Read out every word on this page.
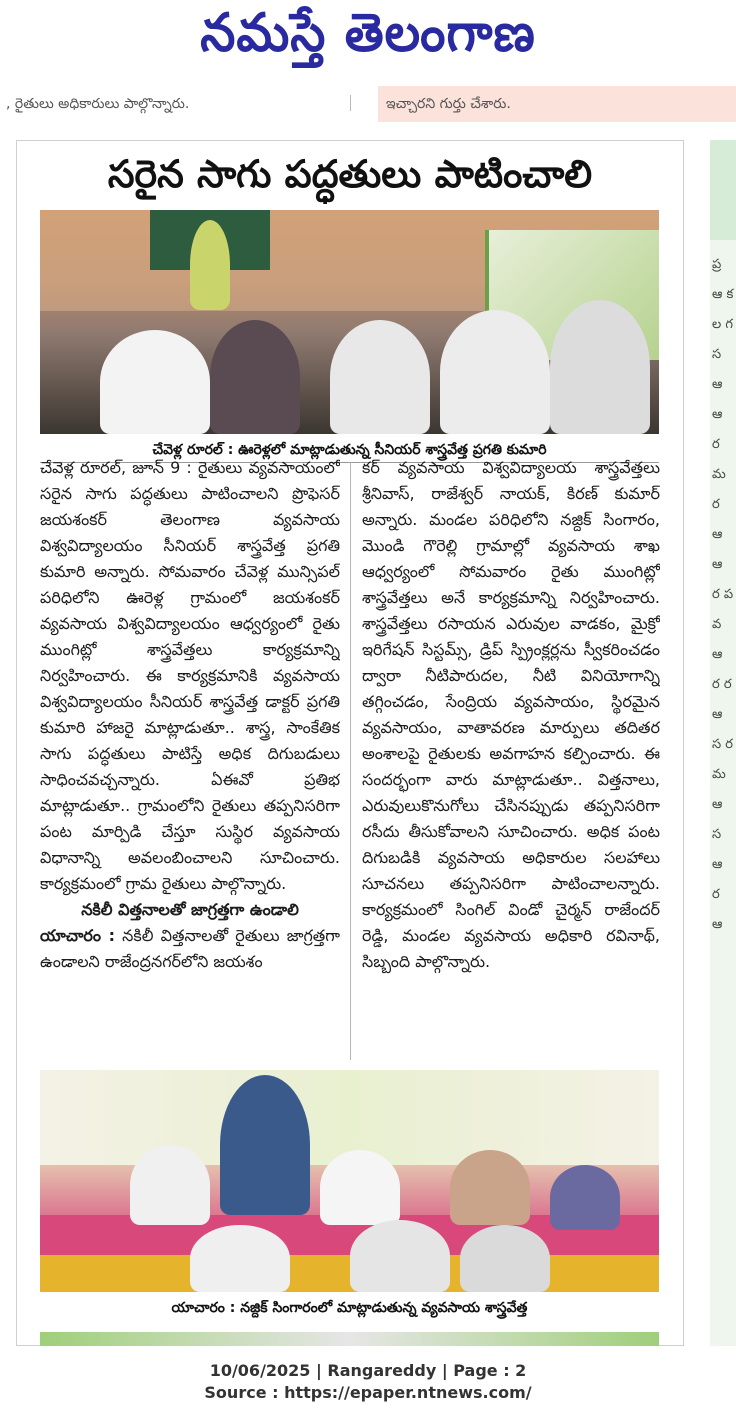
నమస్తే తెలంగాణ
, రైతులు అధికారులు పాల్గొన్నారు.	ఇచ్చారని గుర్తు చేశారు.
సరైన సాగు పద్ధతులు పాటించాలి
చేవెళ్ల రూరల్ : ఊరెళ్లలో మాట్లాడుతున్న సీనియర్ శాస్త్రవేత్త ప్రగతి కుమారి

చేవెళ్ల రూరల్, జూన్ 9 : రైతులు వ్యవసాయంలో సరైన సాగు పద్ధతులు పాటించాలని ప్రొఫెసర్ జయశంకర్ తెలంగాణ వ్యవసాయ విశ్వవిద్యాలయం సీనియర్ శాస్త్రవేత్త ప్రగతి కుమారి అన్నారు. సోమవారం చేవెళ్ల మున్సిపల్ పరిధిలోని ఊరెళ్ల గ్రామంలో జయశంకర్ వ్యవసాయ విశ్వవిద్యాలయం ఆధ్వర్యంలో రైతు ముంగిట్లో శాస్త్రవేత్తలు కార్యక్రమాన్ని నిర్వహించారు. ఈ కార్యక్రమానికి వ్యవసాయ విశ్వవిద్యాలయం సీనియర్ శాస్త్రవేత్త డాక్టర్ ప్రగతి కుమారి హాజరై మాట్లాడుతూ.. శాస్త్ర, సాంకేతిక సాగు పద్ధతులు పాటిస్తే అధిక దిగుబడులు సాధించవచ్చన్నారు. ఏఈవో ప్రతిభ మాట్లాడుతూ.. గ్రామంలోని రైతులు తప్పనిసరిగా పంట మార్పిడి చేస్తూ సుస్థిర వ్యవసాయ విధానాన్ని అవలంబించాలని సూచించారు. కార్యక్రమంలో గ్రామ రైతులు పాల్గొన్నారు.

నకిలీ విత్తనాలతో జాగ్రత్తగా ఉండాలి

యాచారం : నకిలీ విత్తనాలతో రైతులు జాగ్రత్తగా ఉండాలని రాజేంద్రనగర్‌లోని జయశం

కర్ వ్యవసాయ విశ్వవిద్యాలయ శాస్త్రవేత్తలు శ్రీనివాస్, రాజేశ్వర్ నాయక్, కిరణ్ కుమార్ అన్నారు. మండల పరిధిలోని నజ్దిక్ సింగారం, మొండి గౌరెల్లి గ్రామాల్లో వ్యవసాయ శాఖ ఆధ్వర్యంలో సోమవారం రైతు ముంగిట్లో శాస్త్రవేత్తలు అనే కార్యక్రమాన్ని నిర్వహించారు. శాస్త్రవేత్తలు రసాయన ఎరువుల వాడకం, మైక్రో ఇరిగేషన్ సిస్టమ్స్, డ్రిప్ స్ప్రింక్లర్లను స్వీకరించడం ద్వారా నీటిపారుదల, నీటి వినియోగాన్ని తగ్గించడం, సేంద్రియ వ్యవసాయం, స్థిరమైన వ్యవసాయం, వాతావరణ మార్పులు తదితర అంశాలపై రైతులకు అవగాహన కల్పించారు. ఈ సందర్భంగా వారు మాట్లాడుతూ.. విత్తనాలు, ఎరువులుకొనుగోలు చేసినప్పుడు తప్పనిసరిగా రసీదు తీసుకోవాలని సూచించారు. అధిక పంట దిగుబడికి వ్యవసాయ అధికారుల సలహాలు సూచనలు తప్పనిసరిగా పాటించాలన్నారు. కార్యక్రమంలో సింగిల్ విండో చైర్మన్ రాజేందర్ రెడ్డి, మండల వ్యవసాయ అధికారి రవినాథ్, సిబ్బంది పాల్గొన్నారు.

యాచారం : నజ్దిక్ సింగారంలో మాట్లాడుతున్న వ్యవసాయ శాస్త్రవేత్త
ప్ర ఆ క ల గ స ఆ ఆ ర మ ర ఆ ఆ ర ప వ ఆ ర ర ఆ స ర మ ఆ స ఆ ర ఆ
10/06/2025 | Rangareddy | Page : 2
Source : https://epaper.ntnews.com/
